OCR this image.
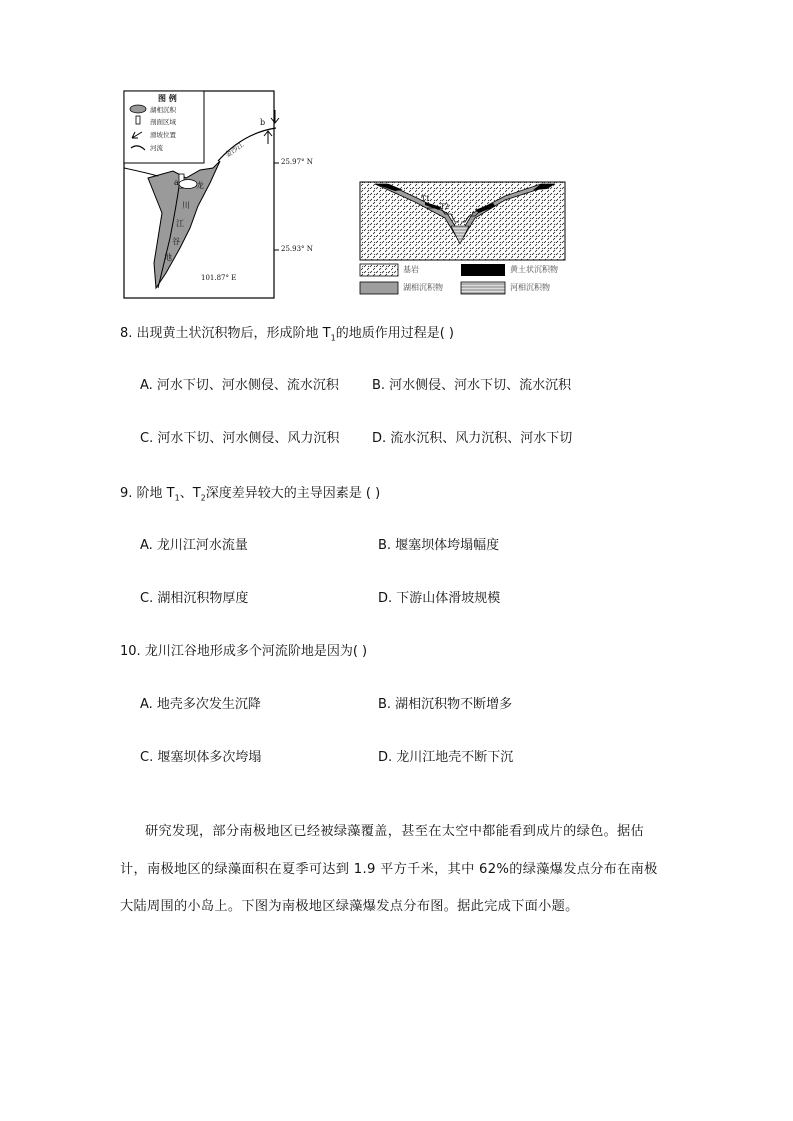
图 例
湖相沉积
剖面区域
滑坡位置
河流
b
a
金沙江
龙
川
江
谷
地
25.97° N
25.93° N
101.87° E
T1
T2
基岩	黄土状沉积物
湖相沉积物	河相沉积物
8. 出现黄土状沉积物后，形成阶地 $T_1$的地质作用过程是( )
A. 河水下切、河水侧侵、流水沉积	B. 河水侧侵、河水下切、流水沉积
C. 河水下切、河水侧侵、风力沉积	D. 流水沉积、风力沉积、河水下切
9. 阶地 $T_1$、$T_2$深度差异较大的主导因素是 ( )
A. 龙川江河水流量	B. 堰塞坝体垮塌幅度
C. 湖相沉积物厚度	D. 下游山体滑坡规模
10. 龙川江谷地形成多个河流阶地是因为( )
A. 地壳多次发生沉降	B. 湖相沉积物不断增多
C. 堰塞坝体多次垮塌	D. 龙川江地壳不断下沉
研究发现，部分南极地区已经被绿藻覆盖，甚至在太空中都能看到成片的绿色。据估
计，南极地区的绿藻面积在夏季可达到 1.9 平方千米，其中 62%的绿藻爆发点分布在南极
大陆周围的小岛上。下图为南极地区绿藻爆发点分布图。据此完成下面小题。
